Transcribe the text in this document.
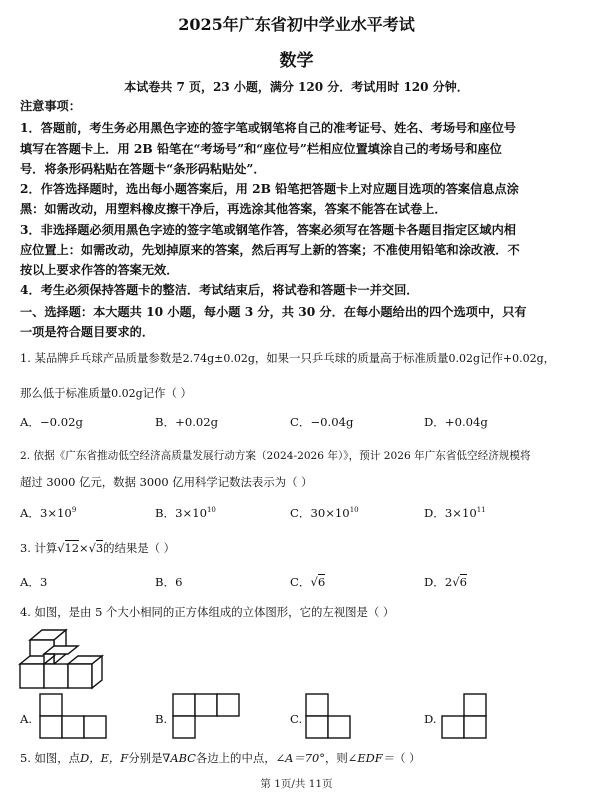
2025年广东省初中学业水平考试
数学
本试卷共 7 页，23 小题，满分 120 分．考试用时 120 分钟．
注意事项：
1．答题前，考生务必用黑色字迹的签字笔或钢笔将自己的准考证号、姓名、考场号和座位号
填写在答题卡上．用 2B 铅笔在“考场号”和“座位号”栏相应位置填涂自己的考场号和座位
号．将条形码粘贴在答题卡“条形码粘贴处”．
2．作答选择题时，选出每小题答案后，用 2B 铅笔把答题卡上对应题目选项的答案信息点涂
黑：如需改动，用塑料橡皮擦干净后，再选涂其他答案，答案不能答在试卷上．
3．非选择题必须用黑色字迹的签字笔或钢笔作答，答案必须写在答题卡各题目指定区域内相
应位置上：如需改动，先划掉原来的答案，然后再写上新的答案；不准使用铅笔和涂改液．不
按以上要求作答的答案无效．
4．考生必须保持答题卡的整洁．考试结束后，将试卷和答题卡一并交回．
一、选择题：本大题共 10 小题，每小题 3 分，共 30 分．在每小题给出的四个选项中，只有
一项是符合题目要求的．
1. 某品牌乒乓球产品质量参数是2.74g±0.02g，如果一只乒乓球的质量高于标准质量0.02g记作+0.02g，
那么低于标准质量0.02g记作（ ）
A．−0.02g	B．+0.02g	C．−0.04g	D．+0.04g
2. 依据《广东省推动低空经济高质量发展行动方案（2024-2026 年）》，预计 2026 年广东省低空经济规模将
超过 3000 亿元，数据 3000 亿用科学记数法表示为（ ）
A．$3\times 10^9$	B．$3\times 10^{10}$	C．$30\times 10^{10}$	D．$3\times 10^{11}$
3. 计算√12×√3的结果是（ ）
A．3	B．6	C．√6	D．2√6
4. 如图，是由 5 个大小相同的正方体组成的立体图形，它的左视图是（ ）
A.	B.	C.	D.
5. 如图，点D，E，F分别是∇ABC各边上的中点，∠A＝70°，则∠EDF＝（ ）
第 1页/共 11页
